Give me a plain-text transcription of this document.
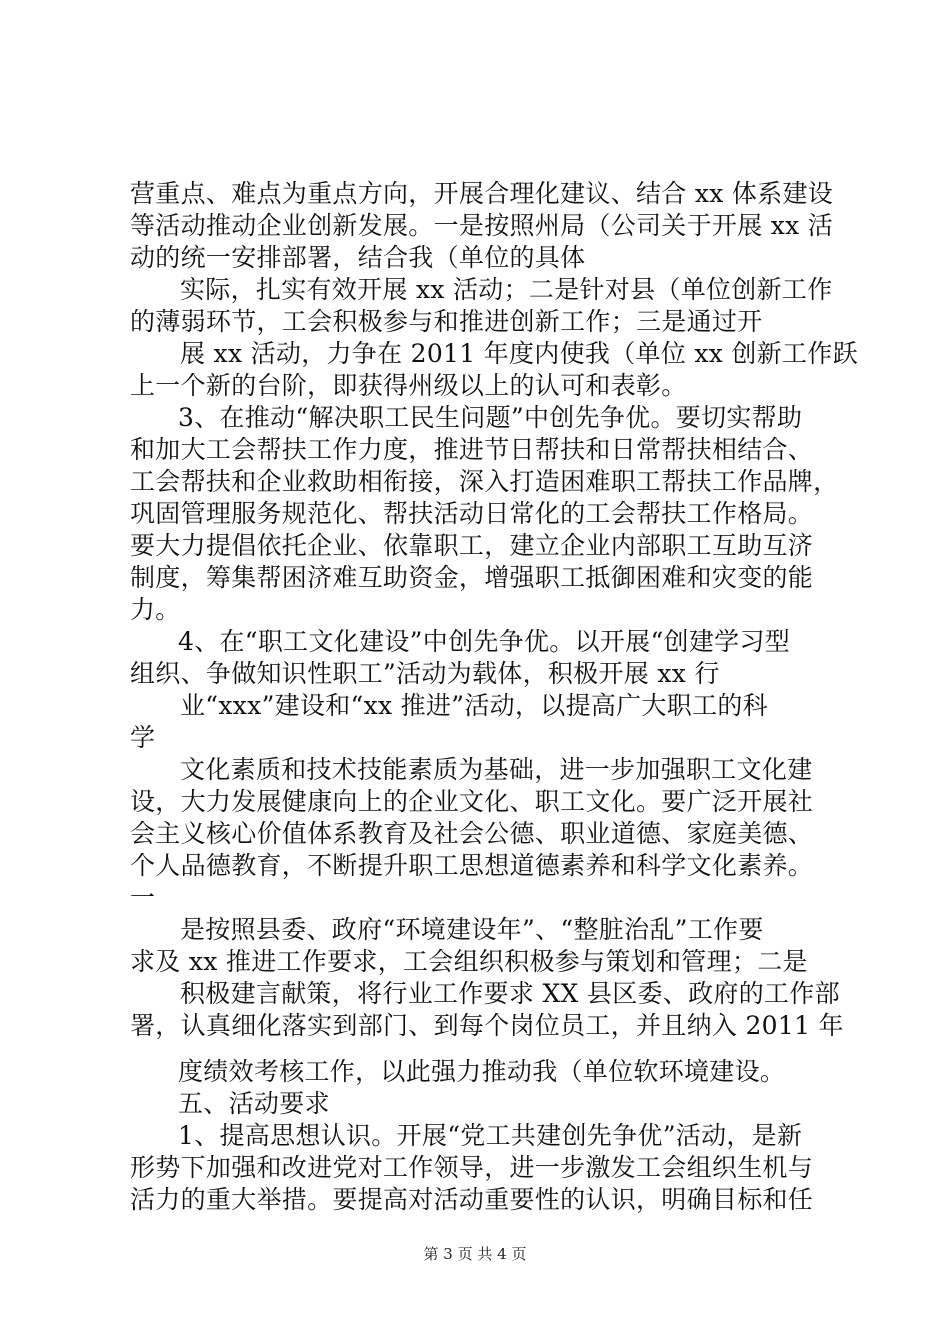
营重点、难点为重点方向，开展合理化建议、结合 xx 体系建设
等活动推动企业创新发展。一是按照州局（公司关于开展 xx 活
动的统一安排部署，结合我（单位的具体
实际，扎实有效开展 xx 活动；二是针对县（单位创新工作
的薄弱环节，工会积极参与和推进创新工作；三是通过开
展 xx 活动，力争在 2011 年度内使我（单位 xx 创新工作跃
上一个新的台阶，即获得州级以上的认可和表彰。
3、在推动“解决职工民生问题”中创先争优。要切实帮助
和加大工会帮扶工作力度，推进节日帮扶和日常帮扶相结合、
工会帮扶和企业救助相衔接，深入打造困难职工帮扶工作品牌，
巩固管理服务规范化、帮扶活动日常化的工会帮扶工作格局。
要大力提倡依托企业、依靠职工，建立企业内部职工互助互济
制度，筹集帮困济难互助资金，增强职工抵御困难和灾变的能
力。
4、在“职工文化建设”中创先争优。以开展“创建学习型
组织、争做知识性职工”活动为载体，积极开展 xx 行
业“xxx”建设和“xx 推进”活动，以提高广大职工的科
学
文化素质和技术技能素质为基础，进一步加强职工文化建
设，大力发展健康向上的企业文化、职工文化。要广泛开展社
会主义核心价值体系教育及社会公德、职业道德、家庭美德、
个人品德教育，不断提升职工思想道德素养和科学文化素养。
一
是按照县委、政府“环境建设年”、“整脏治乱”工作要
求及 xx 推进工作要求，工会组织积极参与策划和管理；二是
积极建言献策，将行业工作要求 XX 县区委、政府的工作部
署，认真细化落实到部门、到每个岗位员工，并且纳入 2011 年
度绩效考核工作，以此强力推动我（单位软环境建设。
五、活动要求
1、提高思想认识。开展“党工共建创先争优”活动，是新
形势下加强和改进党对工作领导，进一步激发工会组织生机与
活力的重大举措。要提高对活动重要性的认识，明确目标和任
第 3 页 共 4 页
